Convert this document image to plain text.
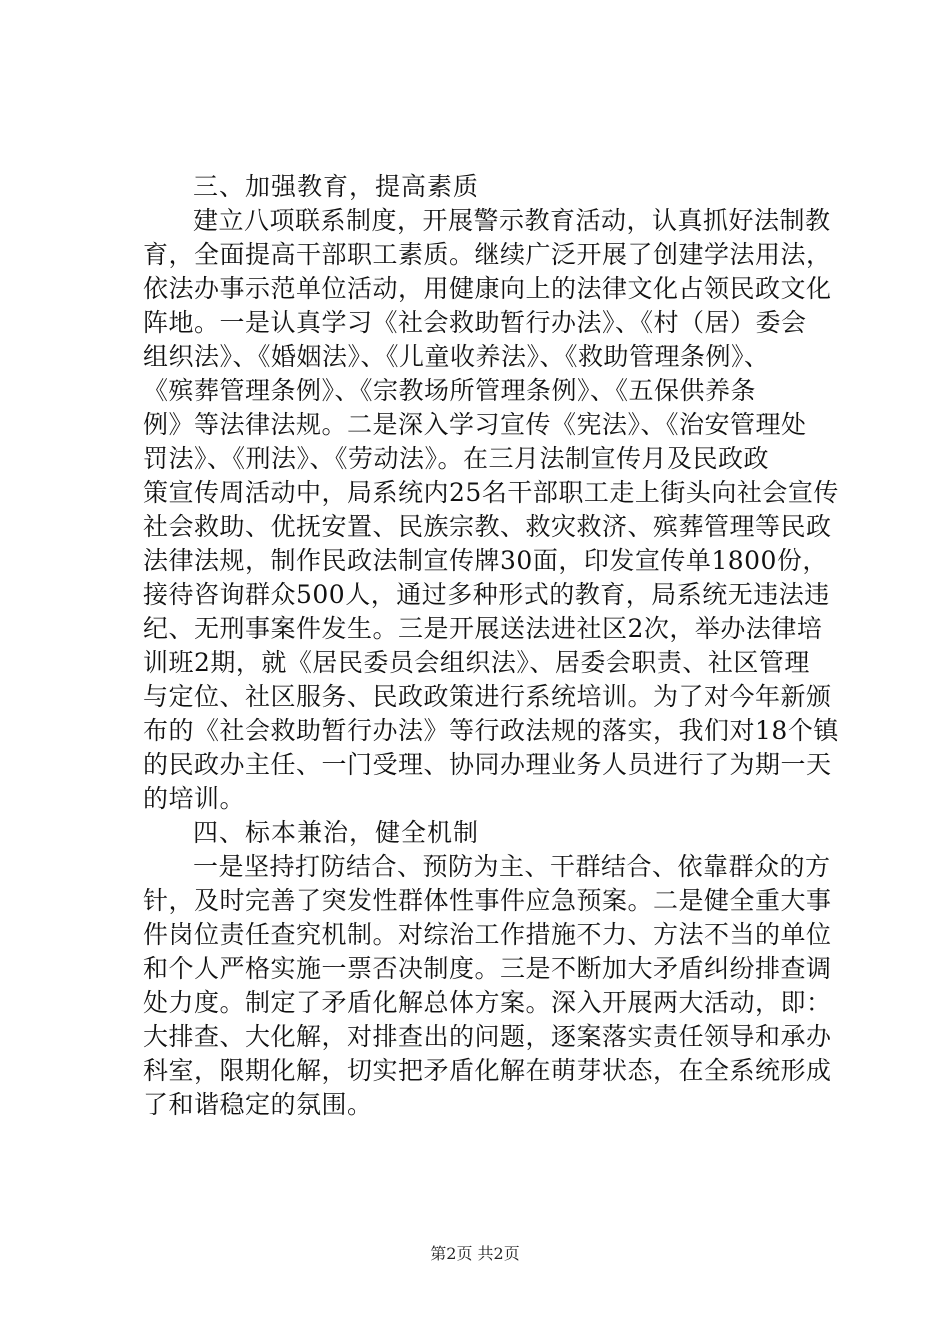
三、加强教育，提高素质
建立八项联系制度，开展警示教育活动，认真抓好法制教
育，全面提高干部职工素质。继续广泛开展了创建学法用法，
依法办事示范单位活动，用健康向上的法律文化占领民政文化
阵地。一是认真学习《社会救助暂行办法》、《村（居）委会
组织法》、《婚姻法》、《儿童收养法》、《救助管理条例》、
《殡葬管理条例》、《宗教场所管理条例》、《五保供养条
例》等法律法规。二是深入学习宣传《宪法》、《治安管理处
罚法》、《刑法》、《劳动法》。在三月法制宣传月及民政政
策宣传周活动中，局系统内25名干部职工走上街头向社会宣传
社会救助、优抚安置、民族宗教、救灾救济、殡葬管理等民政
法律法规，制作民政法制宣传牌30面，印发宣传单1800份，
接待咨询群众500人，通过多种形式的教育，局系统无违法违
纪、无刑事案件发生。三是开展送法进社区2次，举办法律培
训班2期，就《居民委员会组织法》、居委会职责、社区管理
与定位、社区服务、民政政策进行系统培训。为了对今年新颁
布的《社会救助暂行办法》等行政法规的落实，我们对18个镇
的民政办主任、一门受理、协同办理业务人员进行了为期一天
的培训。
四、标本兼治，健全机制
一是坚持打防结合、预防为主、干群结合、依靠群众的方
针，及时完善了突发性群体性事件应急预案。二是健全重大事
件岗位责任查究机制。对综治工作措施不力、方法不当的单位
和个人严格实施一票否决制度。三是不断加大矛盾纠纷排查调
处力度。制定了矛盾化解总体方案。深入开展两大活动，即：
大排查、大化解，对排查出的问题，逐案落实责任领导和承办
科室，限期化解，切实把矛盾化解在萌芽状态，在全系统形成
了和谐稳定的氛围。
第2页 共2页
